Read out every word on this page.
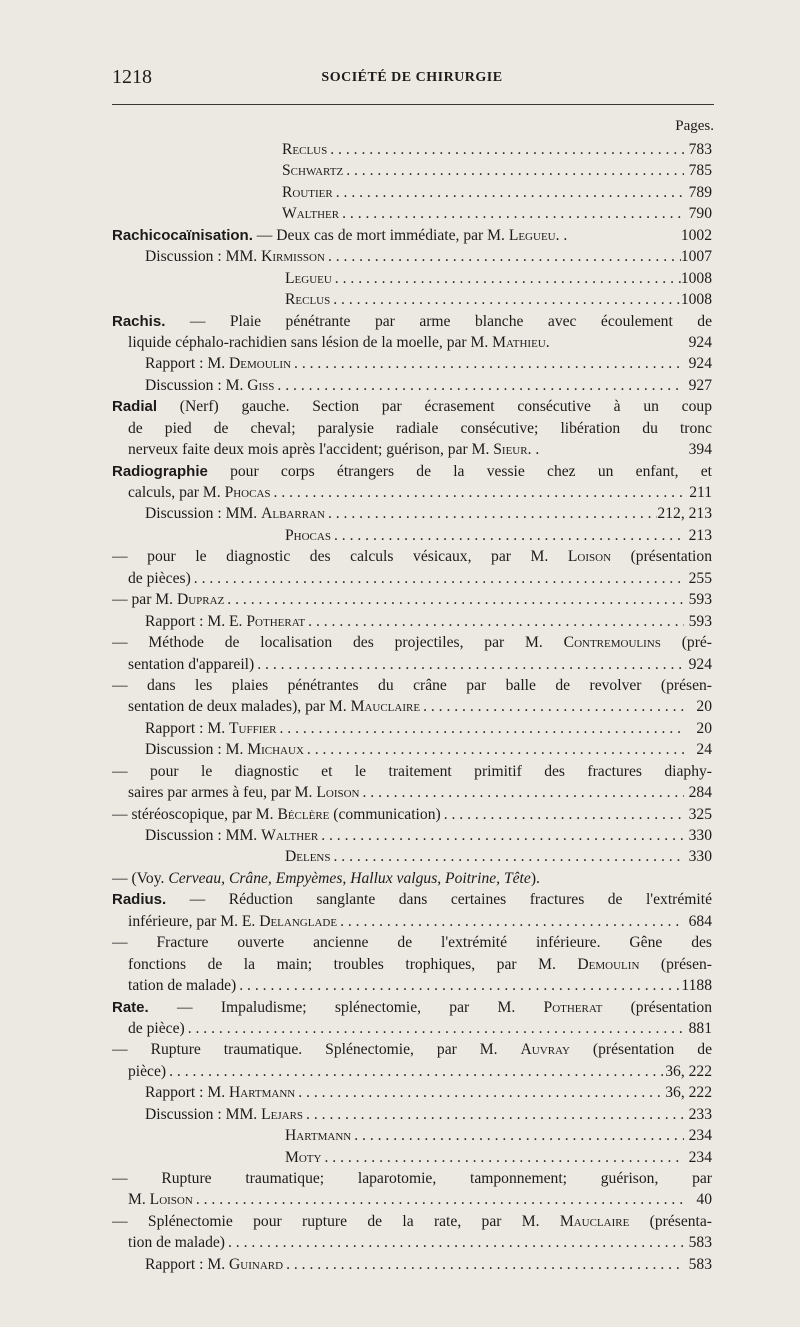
1218	SOCIÉTÉ DE CHIRURGIE
Pages.
Reclus . . .	783
Schwartz . . .	785
Routier . . .	789
Walther . . .	790
Rachicocaïnisation. — Deux cas de mort immédiate, par M. Legueu. .	1002
Discussion : MM. Kirmisson . . .	1007
Legueu . . .	1008
Reclus . . .	1008
Rachis. — Plaie pénétrante par arme blanche avec écoulement de
liquide céphalo-rachidien sans lésion de la moelle, par M. Mathieu.	924
Rapport : M. Demoulin . . .	924
Discussion : M. Giss . . .	927
Radial (Nerf) gauche. Section par écrasement consécutive à un coup
de pied de cheval; paralysie radiale consécutive; libération du tronc
nerveux faite deux mois après l'accident; guérison, par M. Sieur. .	394
Radiographie pour corps étrangers de la vessie chez un enfant, et
calculs, par M. Phocas . . .	211
Discussion : MM. Albarran . . .	212, 213
Phocas . . .	213
— pour le diagnostic des calculs vésicaux, par M. Loison (présentation
de pièces) . . .	255
— par M. Dupraz . . .	593
Rapport : M. E. Potherat . . .	593
— Méthode de localisation des projectiles, par M. Contremoulins (pré-
sentation d'appareil) . . .	924
— dans les plaies pénétrantes du crâne par balle de revolver (présen-
sentation de deux malades), par M. Mauclaire . . .	20
Rapport : M. Tuffier . . .	20
Discussion : M. Michaux . . .	24
— pour le diagnostic et le traitement primitif des fractures diaphy-
saires par armes à feu, par M. Loison . . .	284
— stéréoscopique, par M. Béclère (communication) . . .	325
Discussion : MM. Walther . . .	330
Delens . . .	330
— (Voy. Cerveau, Crâne, Empyèmes, Hallux valgus, Poitrine, Tête).
Radius. — Réduction sanglante dans certaines fractures de l'extrémité
inférieure, par M. E. Delanglade . . .	684
— Fracture ouverte ancienne de l'extrémité inférieure. Gêne des
fonctions de la main; troubles trophiques, par M. Demoulin (présen-
tation de malade) . . .	1188
Rate. — Impaludisme; splénectomie, par M. Potherat (présentation
de pièce) . . .	881
— Rupture traumatique. Splénectomie, par M. Auvray (présentation de
pièce) . . .	36, 222
Rapport : M. Hartmann . . .	36, 222
Discussion : MM. Lejars . . .	233
Hartmann . . .	234
Moty . . .	234
— Rupture traumatique; laparotomie, tamponnement; guérison, par
M. Loison . . .	40
— Splénectomie pour rupture de la rate, par M. Mauclaire (présenta-
tion de malade) . . .	583
Rapport : M. Guinard . . .	583
